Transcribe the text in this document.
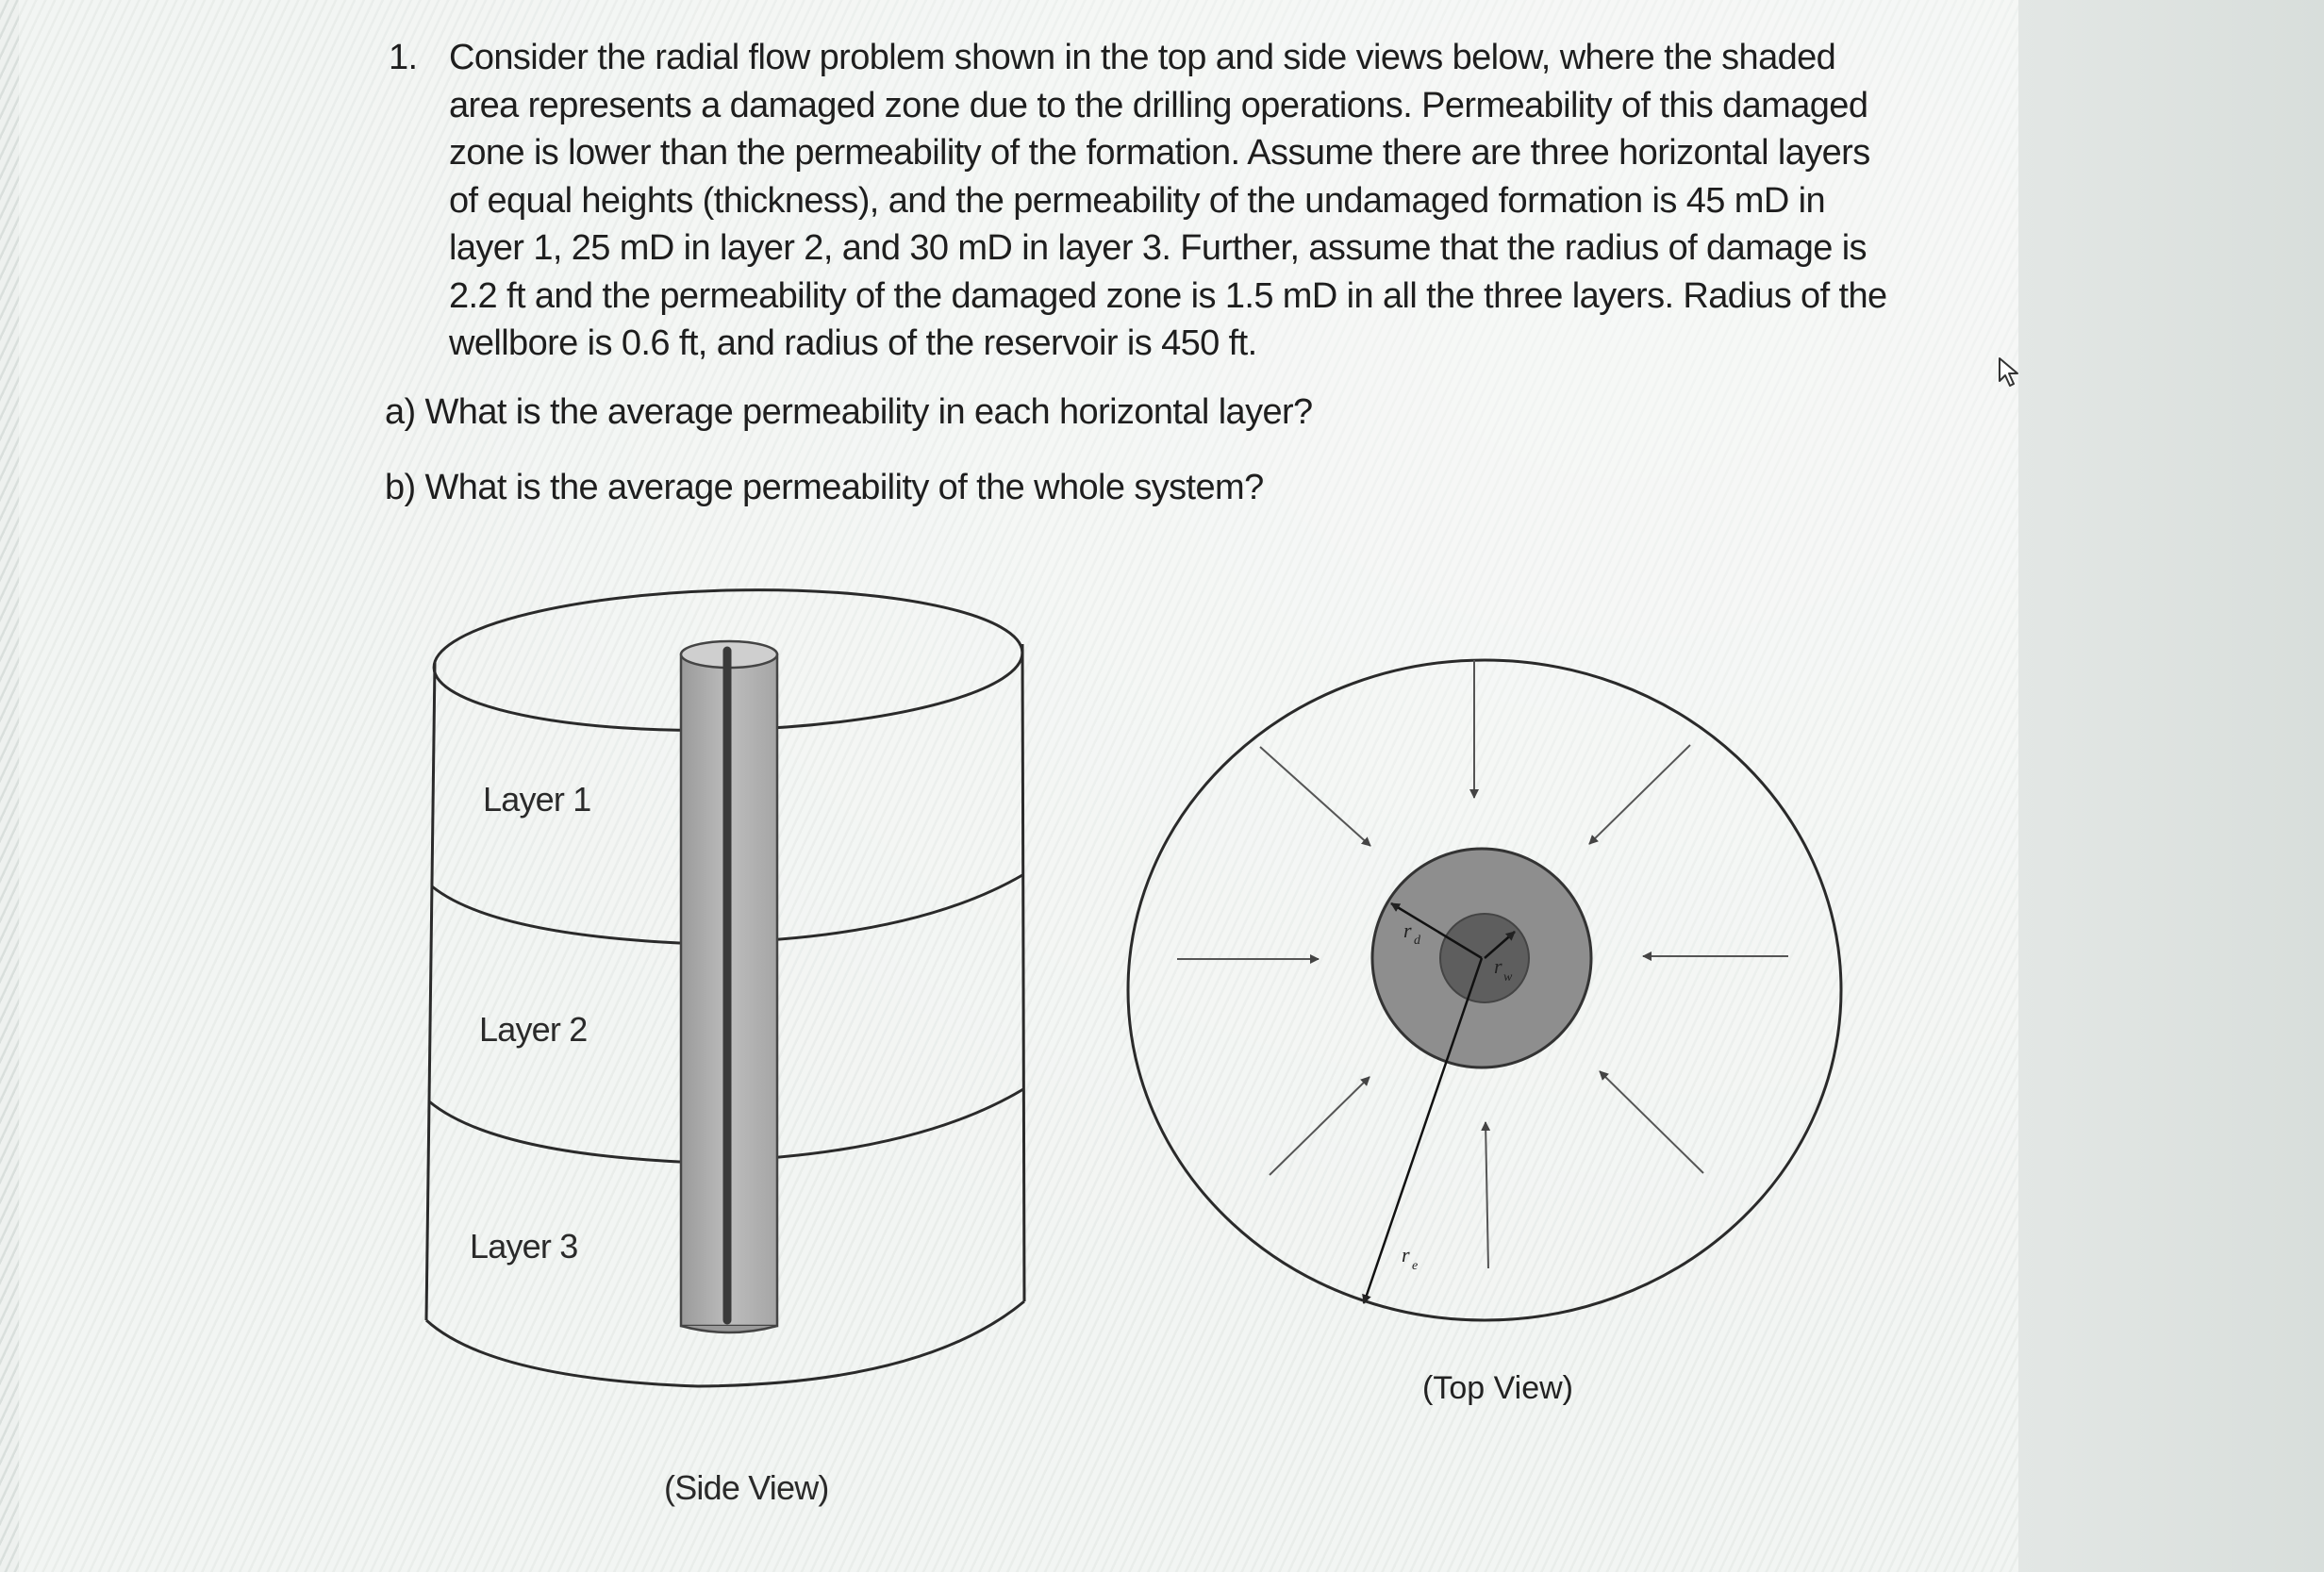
1. Consider the radial flow problem shown in the top and side views below, where the shaded
area represents a damaged zone due to the drilling operations. Permeability of this damaged
zone is lower than the permeability of the formation. Assume there are three horizontal layers
of equal heights (thickness), and the permeability of the undamaged formation is 45 mD in
layer 1, 25 mD in layer 2, and 30 mD in layer 3. Further, assume that the radius of damage is
2.2 ft and the permeability of the damaged zone is 1.5 mD in all the three layers. Radius of the
wellbore is 0.6 ft, and radius of the reservoir is 450 ft.
a) What is the average permeability in each horizontal layer?
b) What is the average permeability of the whole system?
Layer 1
Layer 2
Layer 3
(Side View)
r d
r w
r e
(Top View)
